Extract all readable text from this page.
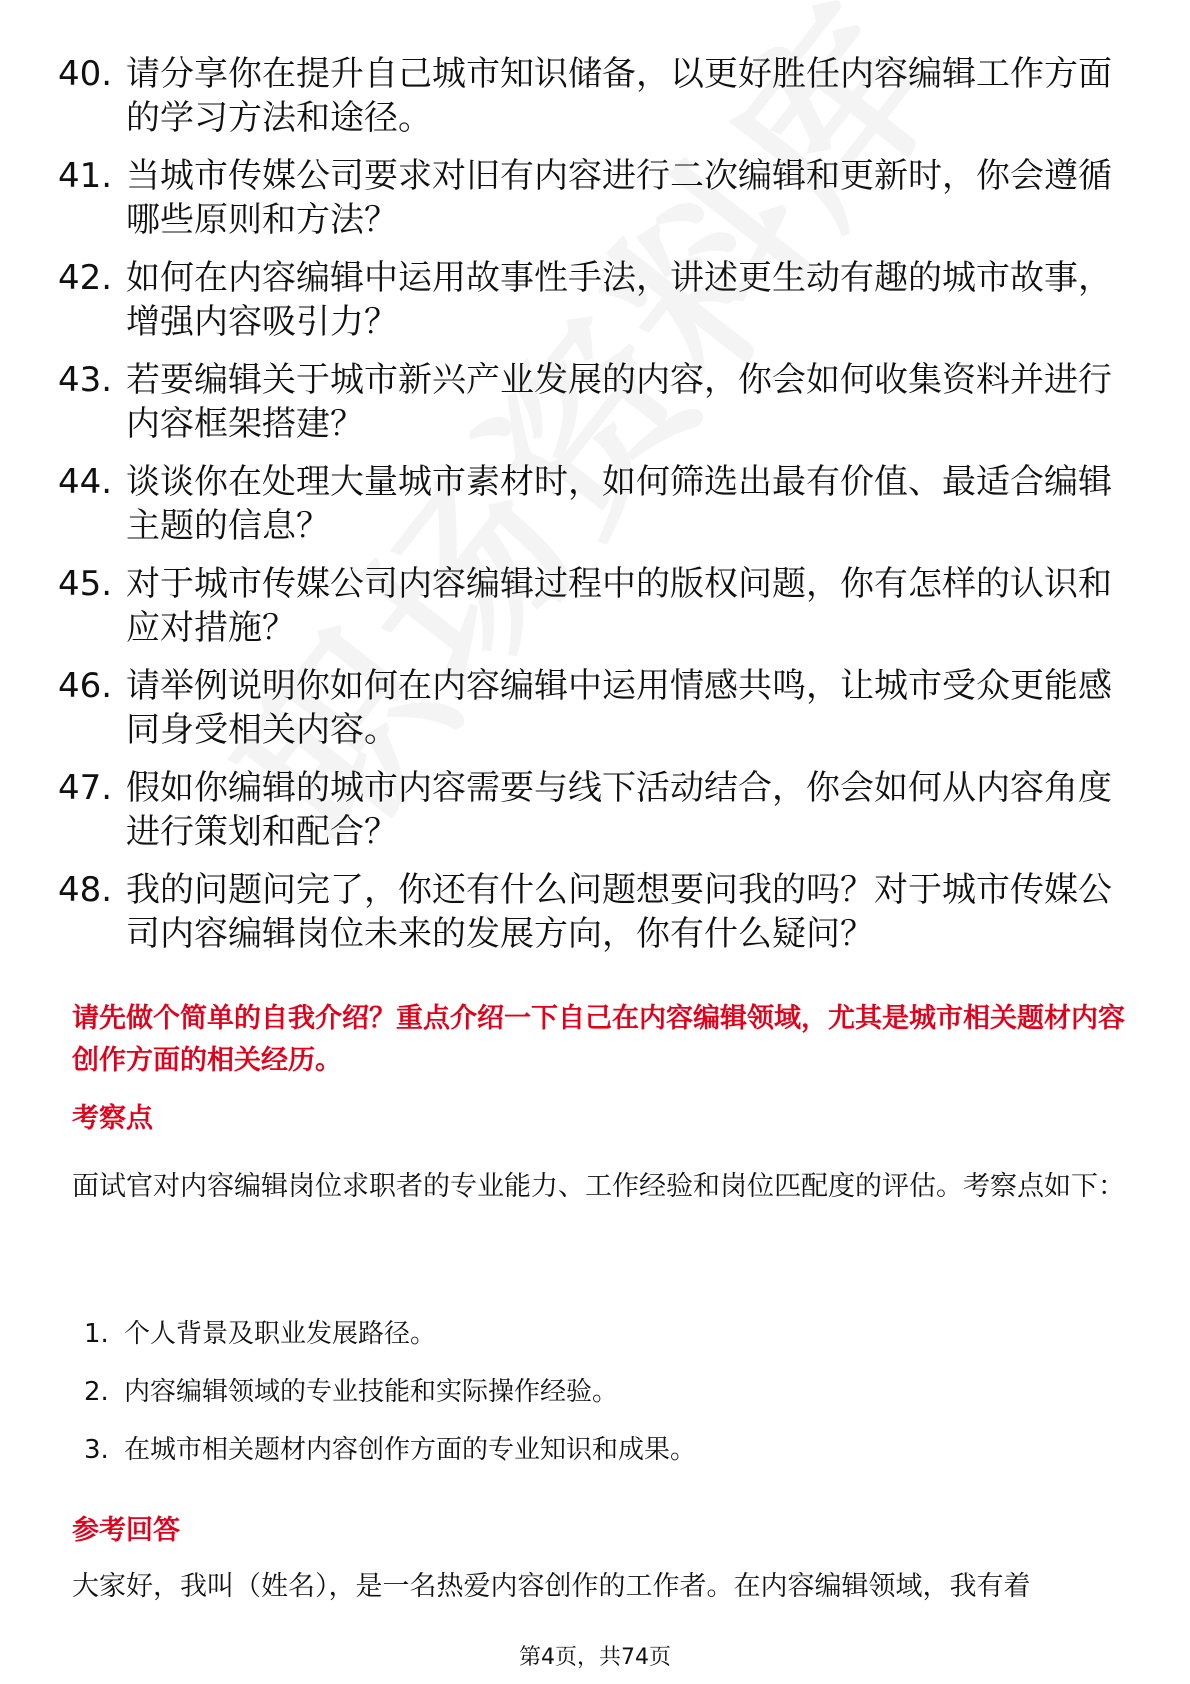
40. 请分享你在提升自己城市知识储备，以更好胜任内容编辑工作方面的学习方法和途径。
41. 当城市传媒公司要求对旧有内容进行二次编辑和更新时，你会遵循哪些原则和方法？
42. 如何在内容编辑中运用故事性手法，讲述更生动有趣的城市故事，增强内容吸引力？
43. 若要编辑关于城市新兴产业发展的内容，你会如何收集资料并进行内容框架搭建？
44. 谈谈你在处理大量城市素材时，如何筛选出最有价值、最适合编辑主题的信息？
45. 对于城市传媒公司内容编辑过程中的版权问题，你有怎样的认识和应对措施？
46. 请举例说明你如何在内容编辑中运用情感共鸣，让城市受众更能感同身受相关内容。
47. 假如你编辑的城市内容需要与线下活动结合，你会如何从内容角度进行策划和配合？
48. 我的问题问完了，你还有什么问题想要问我的吗？对于城市传媒公司内容编辑岗位未来的发展方向，你有什么疑问？

请先做个简单的自我介绍？重点介绍一下自己在内容编辑领域，尤其是城市相关题材内容创作方面的相关经历。

考察点

面试官对内容编辑岗位求职者的专业能力、工作经验和岗位匹配度的评估。考察点如下：

1. 个人背景及职业发展路径。
2. 内容编辑领域的专业技能和实际操作经验。
3. 在城市相关题材内容创作方面的专业知识和成果。

参考回答

大家好，我叫（姓名），是一名热爱内容创作的工作者。在内容编辑领域，我有着

第4页，共74页
